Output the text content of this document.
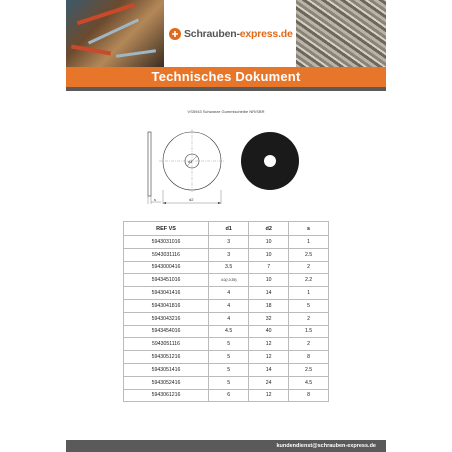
Schrauben-express.de
Technisches Dokument
VS5943 Schwarze Gummischeibe NR/SBR
d1
s	d2
REF VS	d1	d2	s
5943031016	3	10	1
5943031116	3	10	2.5
5943000416	3.5	7	2
5943451016	4.0(/-0.35)	10	2.2
5943041416	4	14	1
5943041816	4	18	5
5943043216	4	32	2
5943454016	4.5	40	1.5
5943051116	5	12	2
5943051216	5	12	8
5943051416	5	14	2.5
5943052416	5	24	4.5
5943061216	6	12	8
kundendienst@schrauben-express.de
